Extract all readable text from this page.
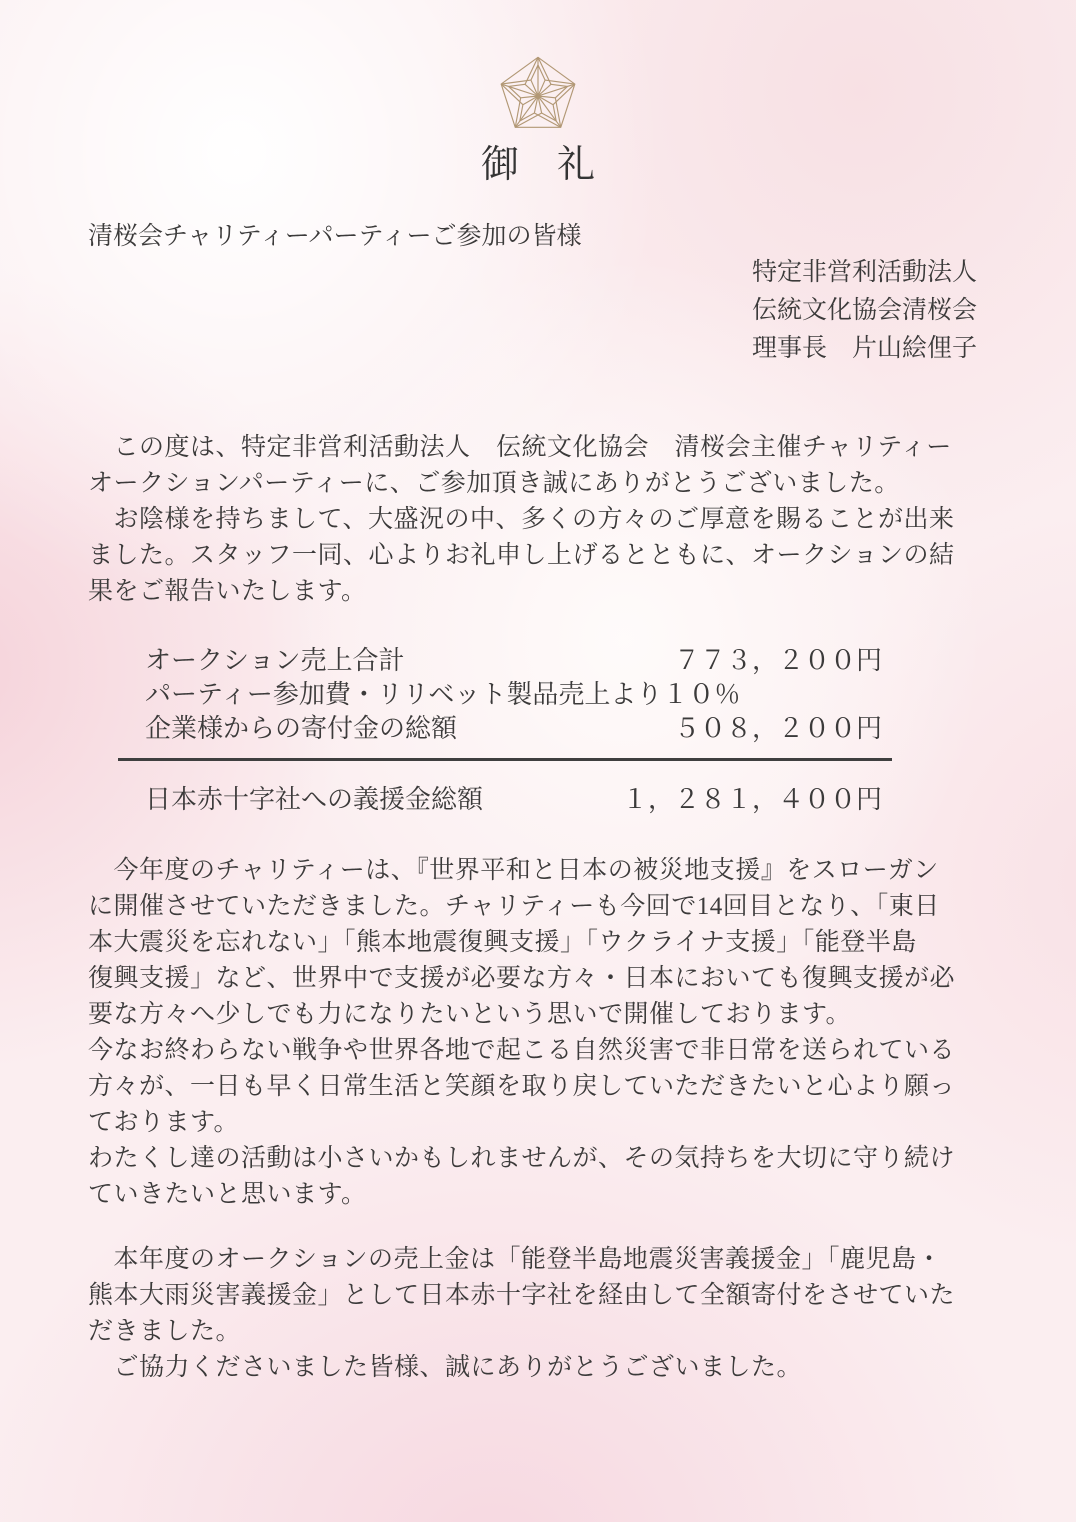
御　礼
清桜会チャリティーパーティーご参加の皆様
特定非営利活動法人
伝統文化協会清桜会
理事長　片山絵俚子
　この度は、特定非営利活動法人　伝統文化協会　清桜会主催チャリティー
オークションパーティーに、ご参加頂き誠にありがとうございました。
　お陰様を持ちまして、大盛況の中、多くの方々のご厚意を賜ることが出来
ました。スタッフ一同、心よりお礼申し上げるとともに、オークションの結
果をご報告いたします。
オークション売上合計	７７３，２００円
パーティー参加費・リリベット製品売上より１０％
企業様からの寄付金の総額	５０８，２００円
日本赤十字社への義援金総額	１，２８１，４００円
　今年度のチャリティーは、『世界平和と日本の被災地支援』をスローガン
に開催させていただきました。チャリティーも今回で14回目となり、「東日
本大震災を忘れない」「熊本地震復興支援」「ウクライナ支援」「能登半島
復興支援」など、世界中で支援が必要な方々・日本においても復興支援が必
要な方々へ少しでも力になりたいという思いで開催しております。
今なお終わらない戦争や世界各地で起こる自然災害で非日常を送られている
方々が、一日も早く日常生活と笑顔を取り戻していただきたいと心より願っ
ております。
わたくし達の活動は小さいかもしれませんが、その気持ちを大切に守り続け
ていきたいと思います。
　本年度のオークションの売上金は「能登半島地震災害義援金」「鹿児島・
熊本大雨災害義援金」として日本赤十字社を経由して全額寄付をさせていた
だきました。
　ご協力くださいました皆様、誠にありがとうございました。
